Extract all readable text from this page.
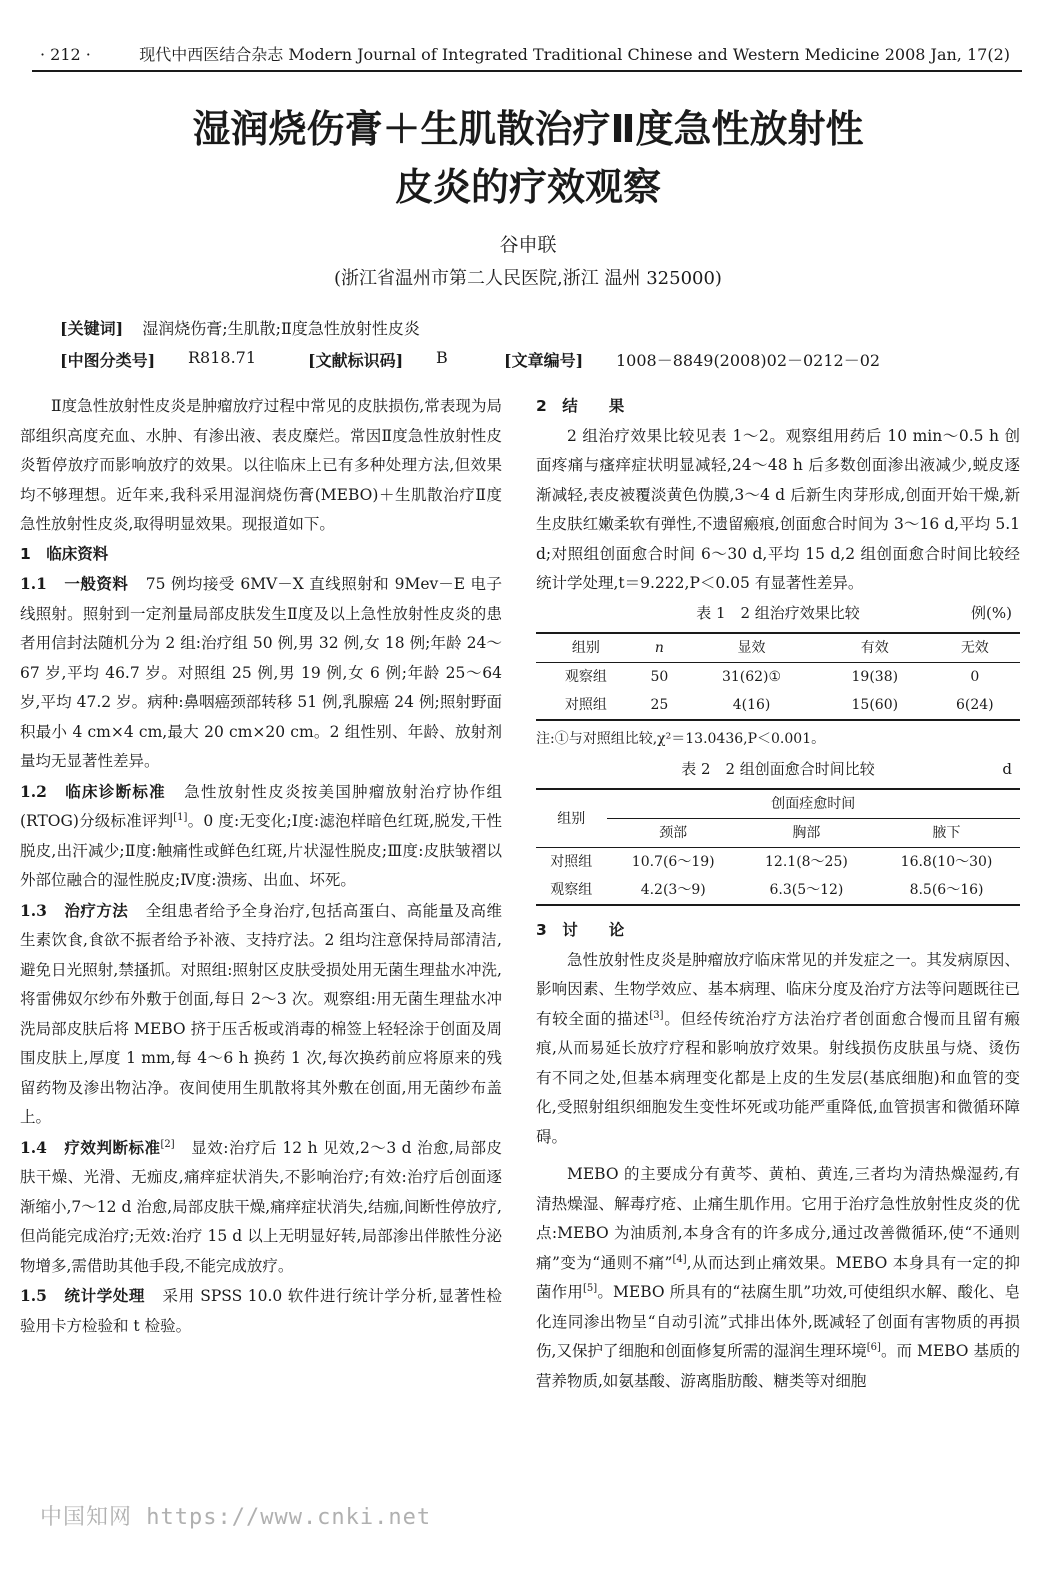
· 212 ·	现代中西医结合杂志 Modern Journal of Integrated Traditional Chinese and Western Medicine 2008 Jan, 17(2)
湿润烧伤膏＋生肌散治疗Ⅱ度急性放射性
皮炎的疗效观察
谷申联
(浙江省温州市第二人民医院,浙江 温州 325000)
[关键词] 湿润烧伤膏;生肌散;Ⅱ度急性放射性皮炎
[中图分类号] R818.71	[文献标识码] B	[文章编号] 1008－8849(2008)02－0212－02

Ⅱ度急性放射性皮炎是肿瘤放疗过程中常见的皮肤损伤,常表现为局部组织高度充血、水肿、有渗出液、表皮糜烂。常因Ⅱ度急性放射性皮炎暂停放疗而影响放疗的效果。以往临床上已有多种处理方法,但效果均不够理想。近年来,我科采用湿润烧伤膏(MEBO)＋生肌散治疗Ⅱ度急性放射性皮炎,取得明显效果。现报道如下。

1　临床资料

1.1 一般资料 75 例均接受 6MV－X 直线照射和 9Mev－E 电子线照射。照射到一定剂量局部皮肤发生Ⅱ度及以上急性放射性皮炎的患者用信封法随机分为 2 组:治疗组 50 例,男 32 例,女 18 例;年龄 24～67 岁,平均 46.7 岁。对照组 25 例,男 19 例,女 6 例;年龄 25～64 岁,平均 47.2 岁。病种:鼻咽癌颈部转移 51 例,乳腺癌 24 例;照射野面积最小 4 cm×4 cm,最大 20 cm×20 cm。2 组性别、年龄、放射剂量均无显著性差异。

1.2 临床诊断标准 急性放射性皮炎按美国肿瘤放射治疗协作组(RTOG)分级标准评判[1]。0 度:无变化;Ⅰ度:滤泡样暗色红斑,脱发,干性脱皮,出汗减少;Ⅱ度:触痛性或鲜色红斑,片状湿性脱皮;Ⅲ度:皮肤皱褶以外部位融合的湿性脱皮;Ⅳ度:溃疡、出血、坏死。

1.3 治疗方法 全组患者给予全身治疗,包括高蛋白、高能量及高维生素饮食,食欲不振者给予补液、支持疗法。2 组均注意保持局部清洁,避免日光照射,禁搔抓。对照组:照射区皮肤受损处用无菌生理盐水冲洗,将雷佛奴尔纱布外敷于创面,每日 2～3 次。观察组:用无菌生理盐水冲洗局部皮肤后将 MEBO 挤于压舌板或消毒的棉签上轻轻涂于创面及周围皮肤上,厚度 1 mm,每 4～6 h 换药 1 次,每次换药前应将原来的残留药物及渗出物沾净。夜间使用生肌散将其外敷在创面,用无菌纱布盖上。

1.4 疗效判断标准[2]　显效:治疗后 12 h 见效,2～3 d 治愈,局部皮肤干燥、光滑、无痂皮,痛痒症状消失,不影响治疗;有效:治疗后创面逐渐缩小,7～12 d 治愈,局部皮肤干燥,痛痒症状消失,结痂,间断性停放疗,但尚能完成治疗;无效:治疗 15 d 以上无明显好转,局部渗出伴脓性分泌物增多,需借助其他手段,不能完成放疗。

1.5 统计学处理 采用 SPSS 10.0 软件进行统计学分析,显著性检验用卡方检验和 t 检验。

2　结　　果

2 组治疗效果比较见表 1～2。观察组用药后 10 min～0.5 h 创面疼痛与瘙痒症状明显减轻,24～48 h 后多数创面渗出液减少,蜕皮逐渐减轻,表皮被覆淡黄色伪膜,3～4 d 后新生肉芽形成,创面开始干燥,新生皮肤红嫩柔软有弹性,不遗留瘢痕,创面愈合时间为 3～16 d,平均 5.1 d;对照组创面愈合时间 6～30 d,平均 15 d,2 组创面愈合时间比较经统计学处理,t＝9.222,P＜0.05 有显著性差异。

表 1　2 组治疗效果比较	例(%)
组别	n	显效	有效	无效
观察组	50	31(62)①	19(38)	0
对照组	25	4(16)	15(60)	6(24)

注:①与对照组比较,χ²＝13.0436,P＜0.001。

表 2　2 组创面愈合时间比较	d
组别	创面痊愈时间		
	颈部	胸部	腋下
对照组	10.7(6～19)	12.1(8～25)	16.8(10～30)
观察组	4.2(3～9)	6.3(5～12)	8.5(6～16)

3　讨　　论

急性放射性皮炎是肿瘤放疗临床常见的并发症之一。其发病原因、影响因素、生物学效应、基本病理、临床分度及治疗方法等问题既往已有较全面的描述[3]。但经传统治疗方法治疗者创面愈合慢而且留有瘢痕,从而易延长放疗疗程和影响放疗效果。射线损伤皮肤虽与烧、烫伤有不同之处,但基本病理变化都是上皮的生发层(基底细胞)和血管的变化,受照射组织细胞发生变性坏死或功能严重降低,血管损害和微循环障碍。

MEBO 的主要成分有黄芩、黄柏、黄连,三者均为清热燥湿药,有清热燥湿、解毒疗疮、止痛生肌作用。它用于治疗急性放射性皮炎的优点:MEBO 为油质剂,本身含有的许多成分,通过改善微循环,使“不通则痛”变为“通则不痛”[4],从而达到止痛效果。MEBO 本身具有一定的抑菌作用[5]。MEBO 所具有的“祛腐生肌”功效,可使组织水解、酸化、皂化连同渗出物呈“自动引流”式排出体外,既减轻了创面有害物质的再损伤,又保护了细胞和创面修复所需的湿润生理环境[6]。而 MEBO 基质的营养物质,如氨基酸、游离脂肪酸、糖类等对细胞

中国知网 https://www.cnki.net
